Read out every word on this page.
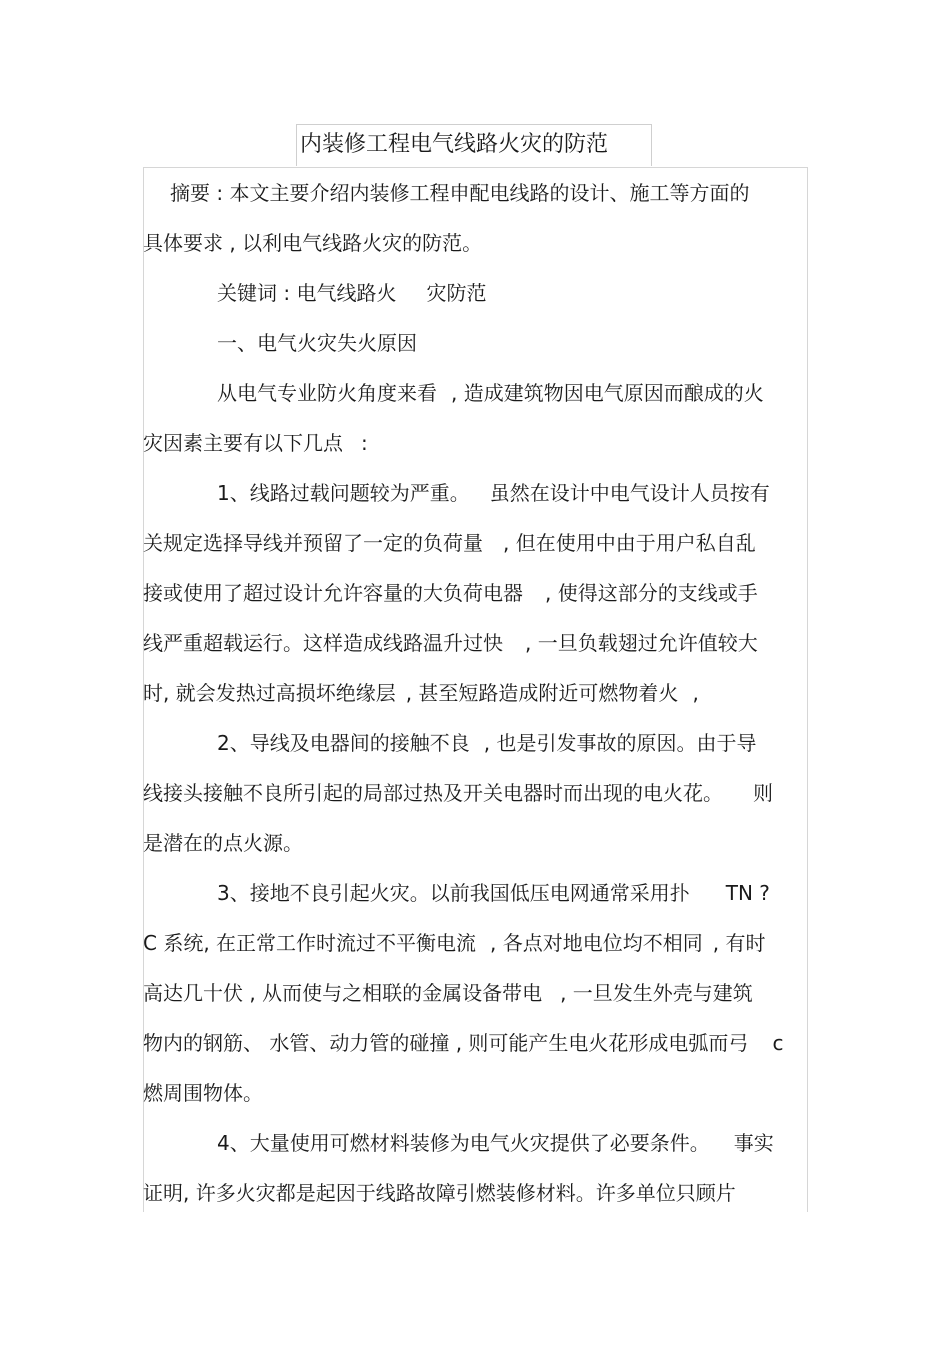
内装修工程电气线路火灾的防范
摘要 : 本文主要介绍内装修工程申配电线路的设计、施工等方面的
具体要求 , 以利电气线路火灾的防范。
关键词 : 电气线路火 灾防范
一、电气火灾失火原因
从电气专业防火角度来看 , 造成建筑物因电气原因而酿成的火
灾因素主要有以下几点 :
1、线路过载问题较为严重。 虽然在设计中电气设计人员按有
关规定选择导线并预留了一定的负荷量 , 但在使用中由于用户私自乱
接或使用了超过设计允许容量的大负荷电器 , 使得这部分的支线或手
线严重超载运行。这样造成线路温升过快 , 一旦负载翅过允许值较大
时, 就会发热过高损坏绝缘层 , 甚至短路造成附近可燃物着火 ,
2、导线及电器间的接触不良 , 也是引发事故的原因。由于导
线接头接触不良所引起的局部过热及开关电器时而出现的电火花。 则
是潜在的点火源。
3、接地不良引起火灾。以前我国低压电网通常采用扑 TN ?
C 系统, 在正常工作时流过不平衡电流 , 各点对地电位均不相同 , 有时
高达几十伏 , 从而使与之相联的金属设备带电 , 一旦发生外壳与建筑
物内的钢筋、 水管、动力管的碰撞 , 则可能产生电火花形成电弧而弓 c
燃周围物体。
4、大量使用可燃材料装修为电气火灾提供了必要条件。 事实
证明, 许多火灾都是起因于线路故障引燃装修材料。许多单位只顾片
